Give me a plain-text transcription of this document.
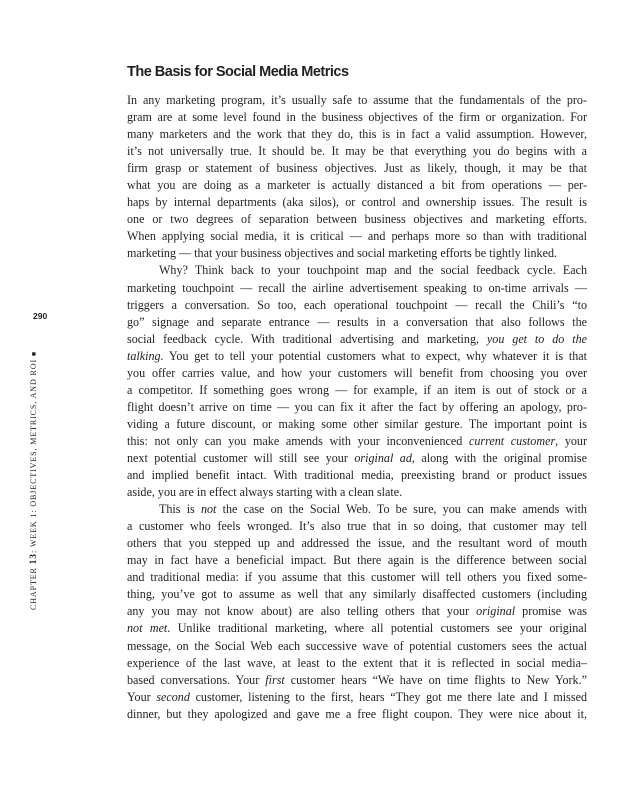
290
CHAPTER 13: WEEK 1: OBJECTIVES, METRICS, AND ROI ■
The Basis for Social Media Metrics
In any marketing program, it’s usually safe to assume that the fundamentals of the pro-
gram are at some level found in the business objectives of the firm or organization. For
many marketers and the work that they do, this is in fact a valid assumption. However,
it’s not universally true. It should be. It may be that everything you do begins with a
firm grasp or statement of business objectives. Just as likely, though, it may be that
what you are doing as a marketer is actually distanced a bit from operations — per-
haps by internal departments (aka silos), or control and ownership issues. The result is
one or two degrees of separation between business objectives and marketing efforts.
When applying social media, it is critical — and perhaps more so than with traditional
marketing — that your business objectives and social marketing efforts be tightly linked.
Why? Think back to your touchpoint map and the social feedback cycle. Each
marketing touchpoint — recall the airline advertisement speaking to on-time arrivals —
triggers a conversation. So too, each operational touchpoint — recall the Chili’s “to
go” signage and separate entrance — results in a conversation that also follows the
social feedback cycle. With traditional advertising and marketing, you get to do the
talking. You get to tell your potential customers what to expect, why whatever it is that
you offer carries value, and how your customers will benefit from choosing you over
a competitor. If something goes wrong — for example, if an item is out of stock or a
flight doesn’t arrive on time — you can fix it after the fact by offering an apology, pro-
viding a future discount, or making some other similar gesture. The important point is
this: not only can you make amends with your inconvenienced current customer, your
next potential customer will still see your original ad, along with the original promise
and implied benefit intact. With traditional media, preexisting brand or product issues
aside, you are in effect always starting with a clean slate.
This is not the case on the Social Web. To be sure, you can make amends with
a customer who feels wronged. It’s also true that in so doing, that customer may tell
others that you stepped up and addressed the issue, and the resultant word of mouth
may in fact have a beneficial impact. But there again is the difference between social
and traditional media: if you assume that this customer will tell others you fixed some-
thing, you’ve got to assume as well that any similarly disaffected customers (including
any you may not know about) are also telling others that your original promise was
not met. Unlike traditional marketing, where all potential customers see your original
message, on the Social Web each successive wave of potential customers sees the actual
experience of the last wave, at least to the extent that it is reflected in social media–
based conversations. Your first customer hears “We have on time flights to New York.”
Your second customer, listening to the first, hears “They got me there late and I missed
dinner, but they apologized and gave me a free flight coupon. They were nice about it,
